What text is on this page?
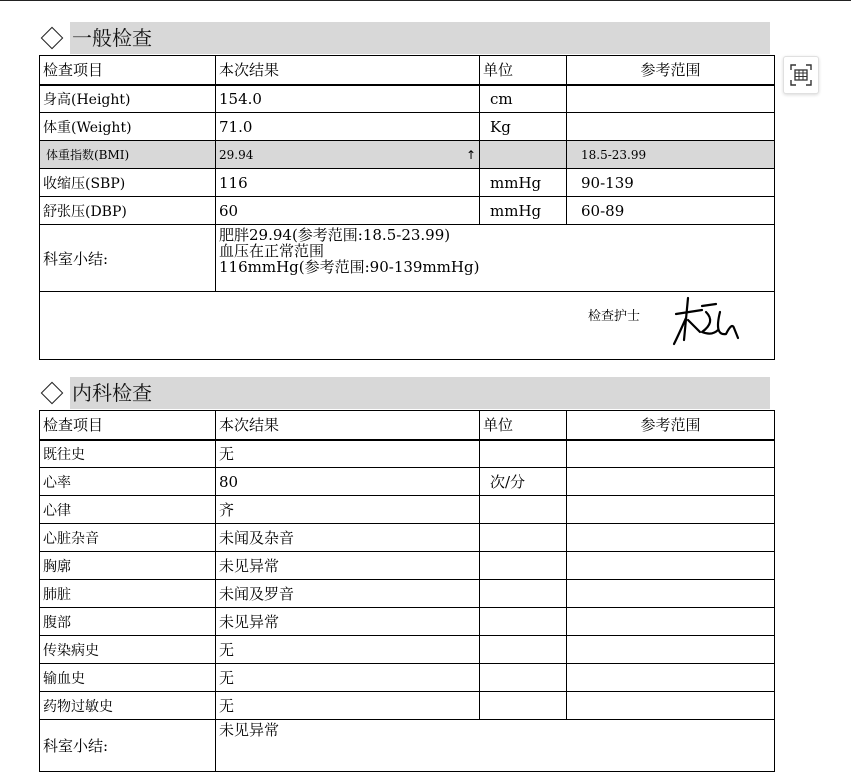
一般检查
检查项目	本次结果	单位	参考范围
身高(Height)	154.0	cm	
体重(Weight)	71.0	Kg	
体重指数(BMI)	29.94 ↑		18.5-23.99
收缩压(SBP)	116	mmHg	90-139
舒张压(DBP)	60	mmHg	60-89
科室小结:	肥胖29.94(参考范围:18.5-23.99)
血压在正常范围
116mmHg(参考范围:90-139mmHg)		

检查护士
内科检查
检查项目	本次结果	单位	参考范围
既往史	无		
心率	80	次/分	
心律	齐		
心脏杂音	未闻及杂音		
胸廓	未见异常		
肺脏	未闻及罗音		
腹部	未见异常		
传染病史	无		
输血史	无		
药物过敏史	无		
科室小结:	未见异常		
